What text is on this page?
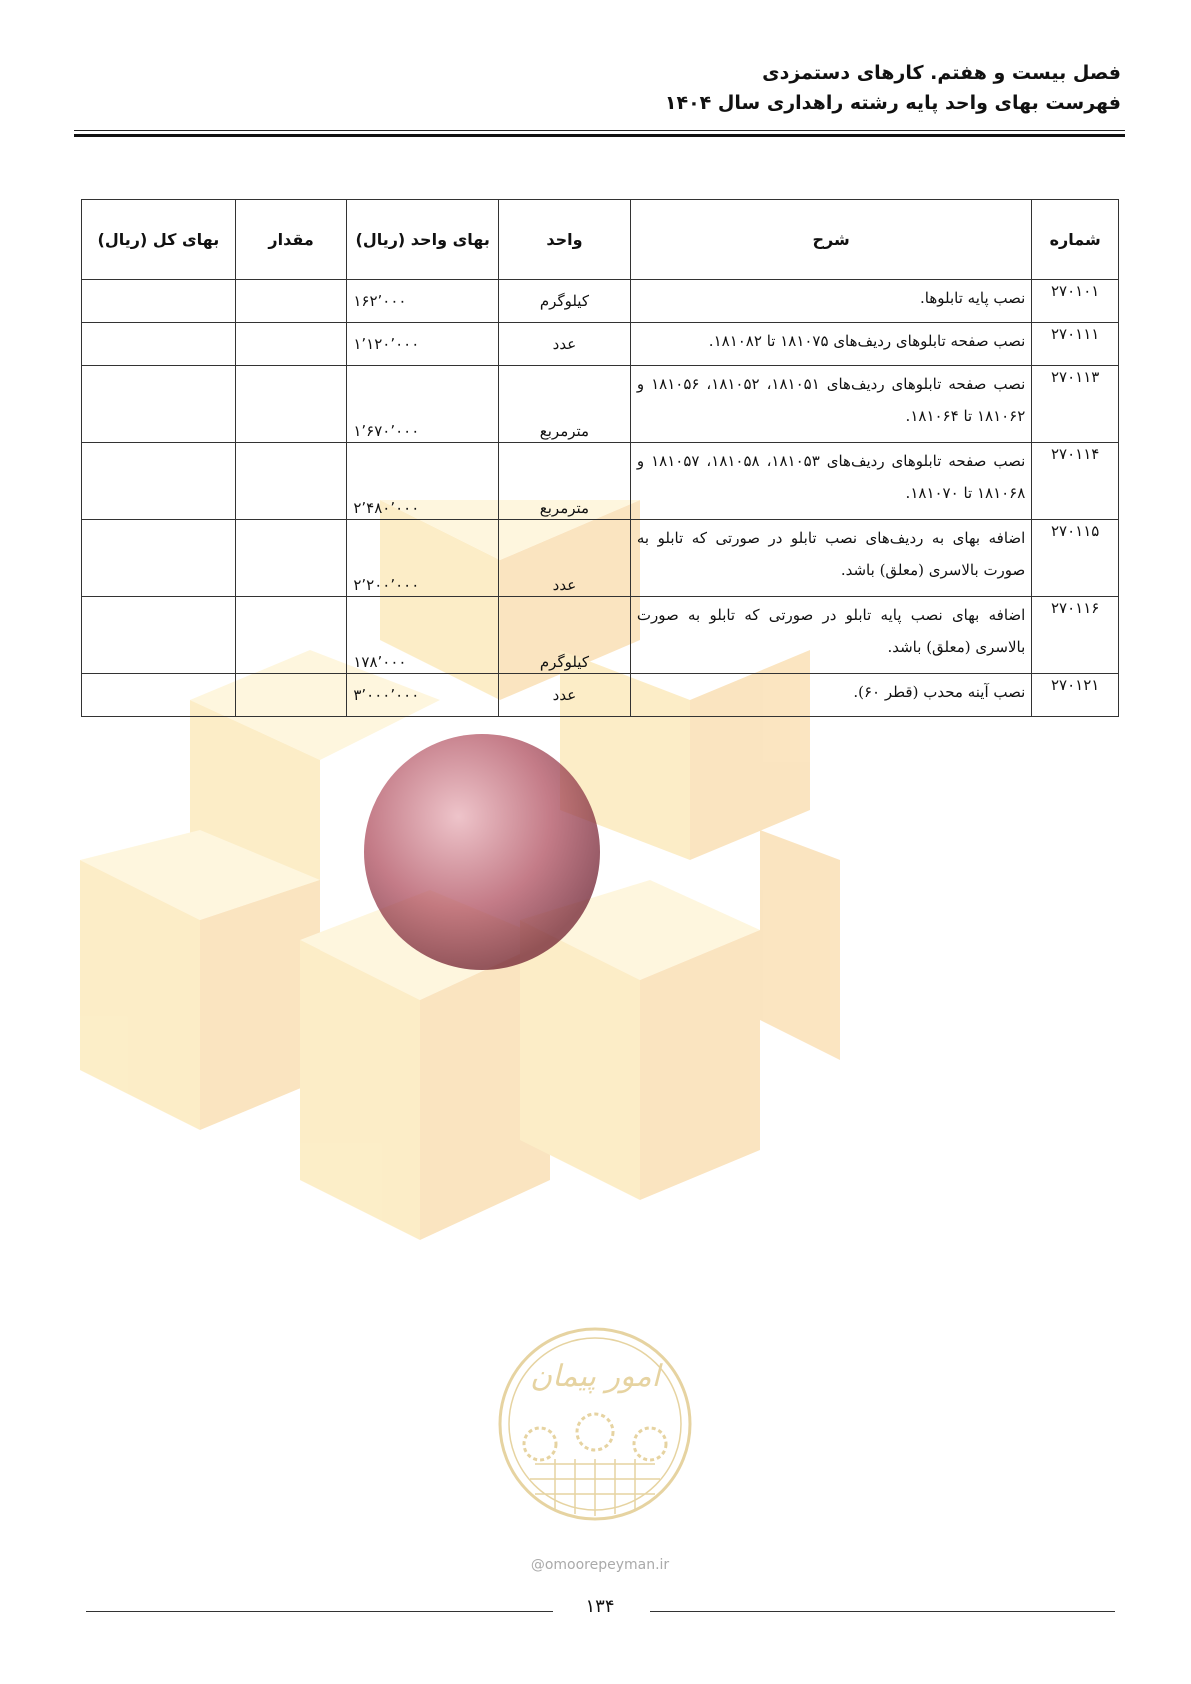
فصل بیست و هفتم. کارهای دستمزدی
فهرست بهای واحد پایه رشته راهداری سال ۱۴۰۴
شماره	شرح	واحد	بهای واحد (ریال)	مقدار	بهای کل (ریال)
۲۷۰۱۰۱	نصب پایه تابلوها.	کیلوگرم	۱۶۲٬۰۰۰		
۲۷۰۱۱۱	نصب صفحه تابلوهای ردیف‌های ۱۸۱۰۷۵ تا ۱۸۱۰۸۲.	عدد	۱٬۱۲۰٬۰۰۰		
۲۷۰۱۱۳	نصب صفحه تابلوهای ردیف‌های ۱۸۱۰۵۱، ۱۸۱۰۵۲، ۱۸۱۰۵۶ و ۱۸۱۰۶۲ تا ۱۸۱۰۶۴.	مترمربع	۱٬۶۷۰٬۰۰۰		
۲۷۰۱۱۴	نصب صفحه تابلوهای ردیف‌های ۱۸۱۰۵۳، ۱۸۱۰۵۸، ۱۸۱۰۵۷ و ۱۸۱۰۶۸ تا ۱۸۱۰۷۰.	مترمربع	۲٬۴۸۰٬۰۰۰		
۲۷۰۱۱۵	اضافه بهای به ردیف‌های نصب تابلو در صورتی که تابلو به صورت بالاسری (معلق) باشد.	عدد	۲٬۲۰۰٬۰۰۰		
۲۷۰۱۱۶	اضافه بهای نصب پایه تابلو در صورتی که تابلو به صورت بالاسری (معلق) باشد.	کیلوگرم	۱۷۸٬۰۰۰		
۲۷۰۱۲۱	نصب آینه محدب (قطر ۶۰).	عدد	۳٬۰۰۰٬۰۰۰		
امور پیمان
@omoorepeyman.ir
۱۳۴
